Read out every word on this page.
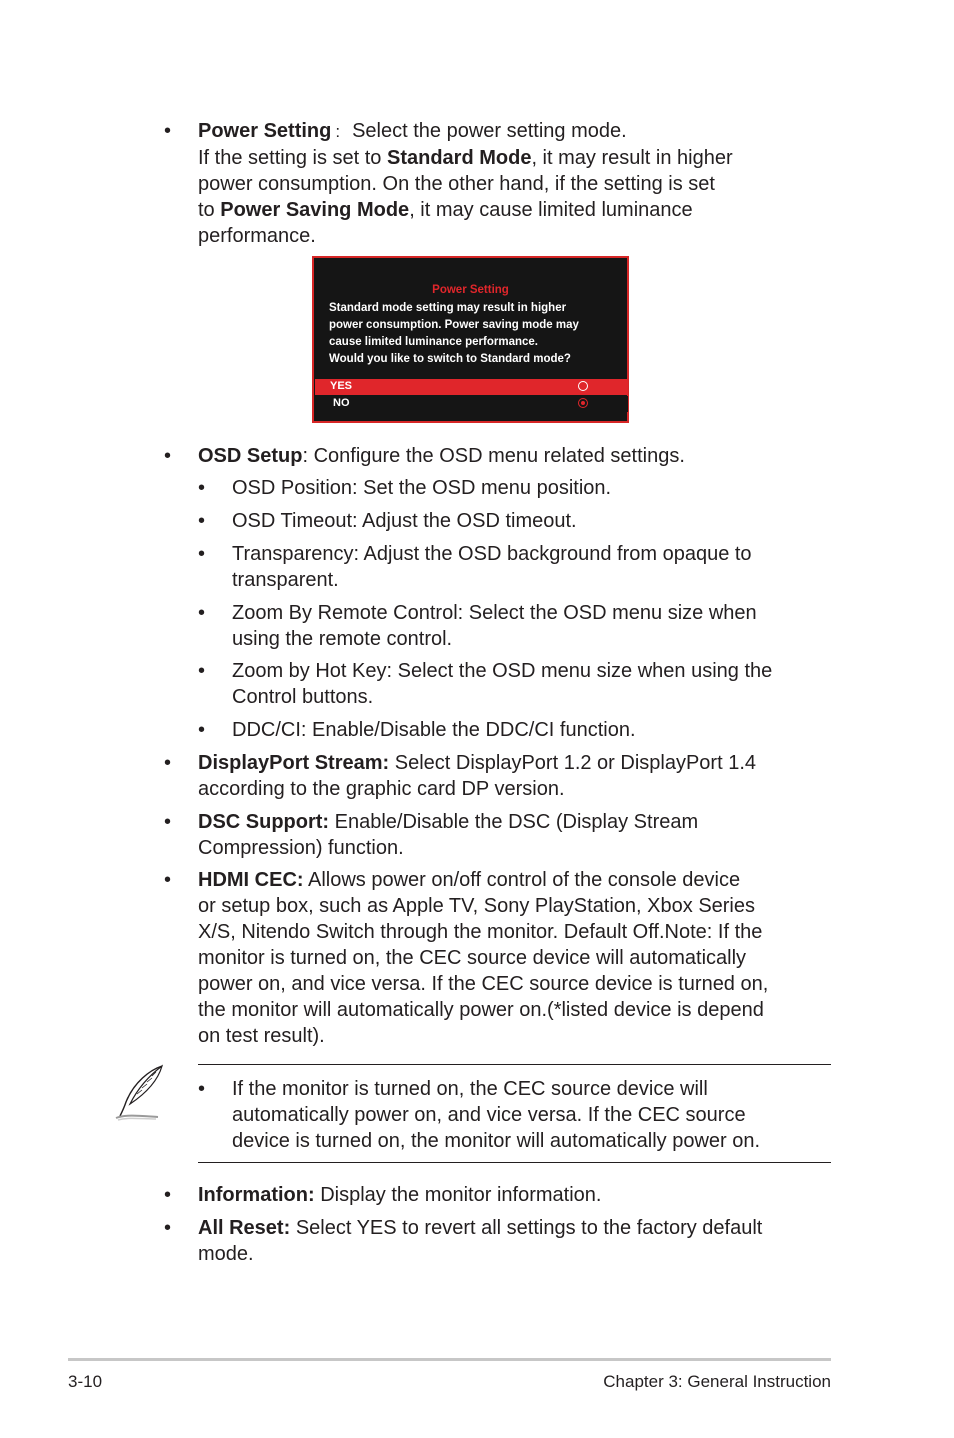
• Power Setting : Select the power setting mode.
If the setting is set to Standard Mode, it may result in higher
power consumption. On the other hand, if the setting is set
to Power Saving Mode, it may cause limited luminance
performance.
Power Setting
Standard mode setting may result in higher
power consumption. Power saving mode may
cause limited luminance performance.
Would you like to switch to Standard mode?
YES
NO
• OSD Setup: Configure the OSD menu related settings.
• OSD Position: Set the OSD menu position.
• OSD Timeout: Adjust the OSD timeout.
• Transparency: Adjust the OSD background from opaque to
transparent.
• Zoom By Remote Control: Select the OSD menu size when
using the remote control.
• Zoom by Hot Key: Select the OSD menu size when using the
Control buttons.
• DDC/CI: Enable/Disable the DDC/CI function.
• DisplayPort Stream: Select DisplayPort 1.2 or DisplayPort 1.4
according to the graphic card DP version.
• DSC Support: Enable/Disable the DSC (Display Stream
Compression) function.
• HDMI CEC: Allows power on/off control of the console device
or setup box, such as Apple TV, Sony PlayStation, Xbox Series
X/S, Nitendo Switch through the monitor. Default Off.Note: If the
monitor is turned on, the CEC source device will automatically
power on, and vice versa. If the CEC source device is turned on,
the monitor will automatically power on.(*listed device is depend
on test result).
• If the monitor is turned on, the CEC source device will
automatically power on, and vice versa. If the CEC source
device is turned on, the monitor will automatically power on.
• Information: Display the monitor information.
• All Reset: Select YES to revert all settings to the factory default
mode.
3-10	Chapter 3: General Instruction
